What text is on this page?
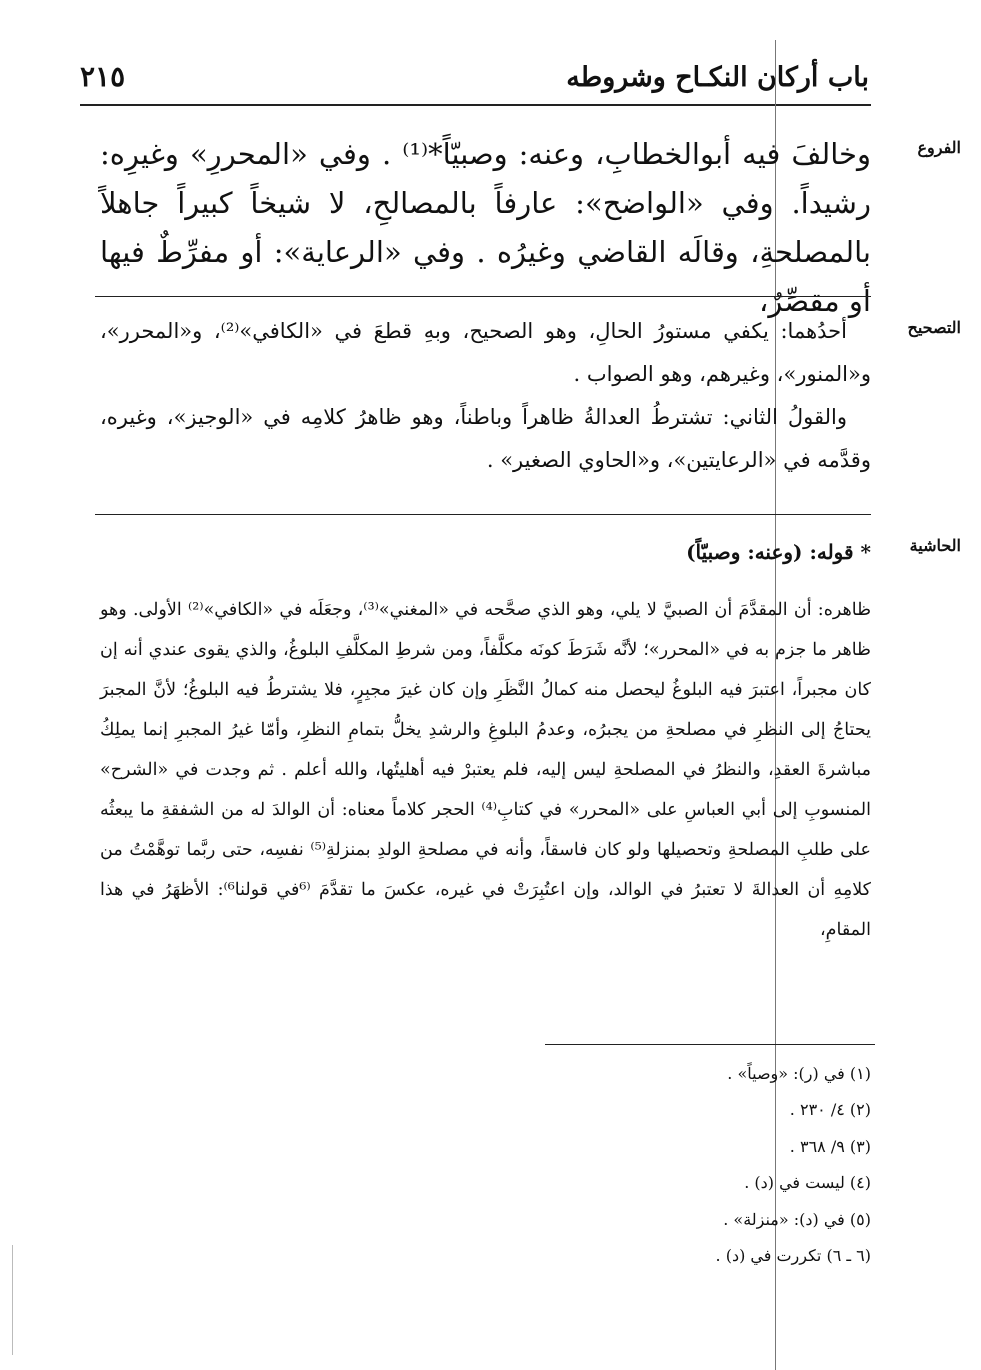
باب أركان النكـاح وشروطه
٢١٥
الفروع
وخالفَ فيه أبوالخطابِ، وعنه: وصبيّاً*⁽¹⁾ . وفي «المحررِ» وغيرِه: رشيداً. وفي «الواضح»: عارفاً بالمصالحِ، لا شيخاً كبيراً جاهلاً بالمصلحةِ، وقالَه القاضي وغيرُه . وفي «الرعاية»: أو مفرِّطٌ فيها أو مقصِّرٌ،
التصحيح

أحدُهما: يكفي مستورُ الحالِ، وهو الصحيح، وبهِ قطعَ في «الكافي»⁽²⁾، و«المحرر»، و«المنور»، وغيرهم، وهو الصواب .

والقولُ الثاني: تشترطُ العدالةُ ظاهراً وباطناً، وهو ظاهرُ كلامِه في «الوجيز»، وغيره، وقدَّمه في «الرعايتين»، و«الحاوي الصغير» .

الحاشية
* قوله: (وعنه: وصبيّاً)
ظاهره: أن المقدَّمَ أن الصبيَّ لا يلي، وهو الذي صحَّحه في «المغني»⁽³⁾، وجعَلَه في «الكافي»⁽²⁾ الأولى. وهو ظاهر ما جزم به في «المحرر»؛ لأنَّه شَرَطَ كونَه مكلَّفاً، ومن شرطِ المكلَّفِ البلوغُ، والذي يقوى عندي أنه إن كان مجبراً، اعتبرَ فيه البلوغُ ليحصل منه كمالُ النَّظَرِ وإن كان غيرَ مجبِرٍ، فلا يشترطُ فيه البلوغُ؛ لأنَّ المجبرَ يحتاجُ إلى النظرِ في مصلحةِ من يجبرُه، وعدمُ البلوغِ والرشدِ يخلُّ بتمامِ النظرِ، وأمّا غيرُ المجبرِ إنما يملِكُ مباشرةَ العقدِ، والنظرُ في المصلحةِ ليس إليه، فلم يعتبرْ فيه أهليتُها، والله أعلم . ثم وجدت في «الشرح» المنسوبِ إلى أبي العباسِ على «المحرر» في كتابِ⁽⁴⁾ الحجر كلاماً معناه: أن الوالدَ له من الشفقةِ ما يبعثُه على طلبِ المصلحةِ وتحصيلها ولو كان فاسقاً، وأنه في مصلحةِ الولدِ بمنزلةِ⁽⁵⁾ نفسِه، حتى ربَّما توهَّمْتُ من كلامِهِ أن العدالةَ لا تعتبرُ في الوالد، وإن اعتُبِرَتْ في غيره، عكسَ ما تقدَّمَ ⁽⁶في قولنا⁶⁾: الأظهَرُ في هذا المقامِ،
(١) في (ر): «وصياً» .
(٢) ٤/ ٢٣٠ .
(٣) ٩/ ٣٦٨ .
(٤) ليست في (د) .
(٥) في (د): «منزلة» .
(٦ ـ ٦) تكررت في (د) .
